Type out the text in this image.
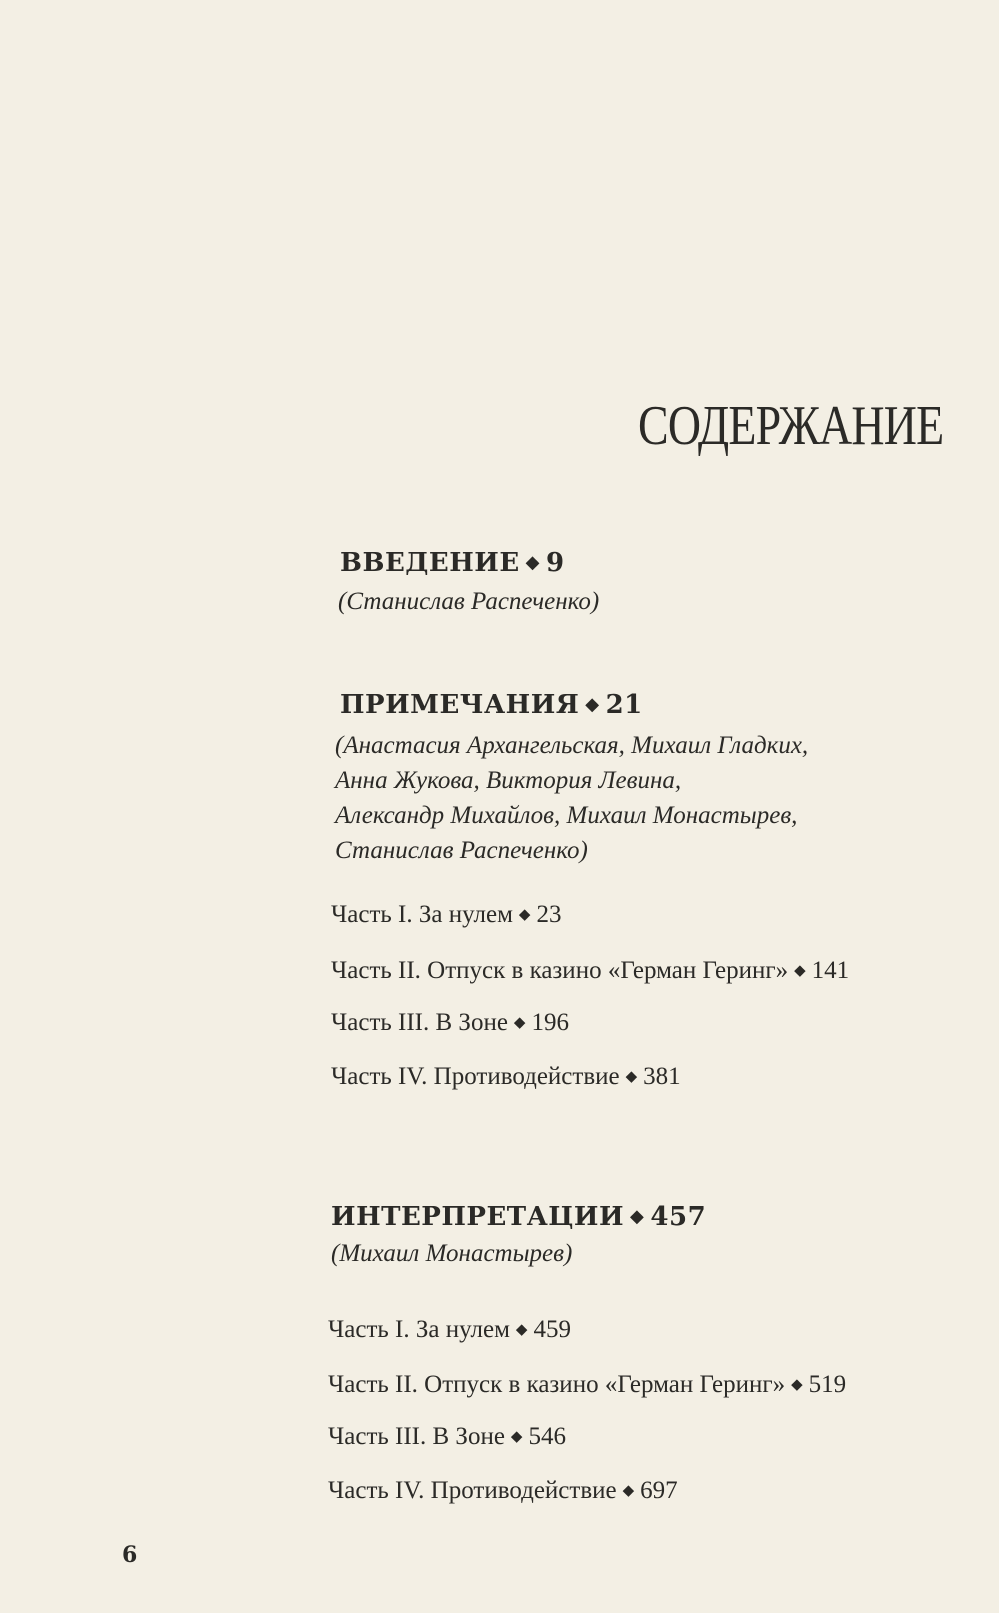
СОДЕРЖАНИЕ
ВВЕДЕНИЕ ◆ 9
(Станислав Распеченко)
ПРИМЕЧАНИЯ ◆ 21
(Анастасия Архангельская, Михаил Гладких,
Анна Жукова, Виктория Левина,
Александр Михайлов, Михаил Монастырев,
Станислав Распеченко)
Часть I. За нулем ◆ 23
Часть II. Отпуск в казино «Герман Геринг» ◆ 141
Часть III. В Зоне ◆ 196
Часть IV. Противодействие ◆ 381
ИНТЕРПРЕТАЦИИ ◆ 457
(Михаил Монастырев)
Часть I. За нулем ◆ 459
Часть II. Отпуск в казино «Герман Геринг» ◆ 519
Часть III. В Зоне ◆ 546
Часть IV. Противодействие ◆ 697
6
